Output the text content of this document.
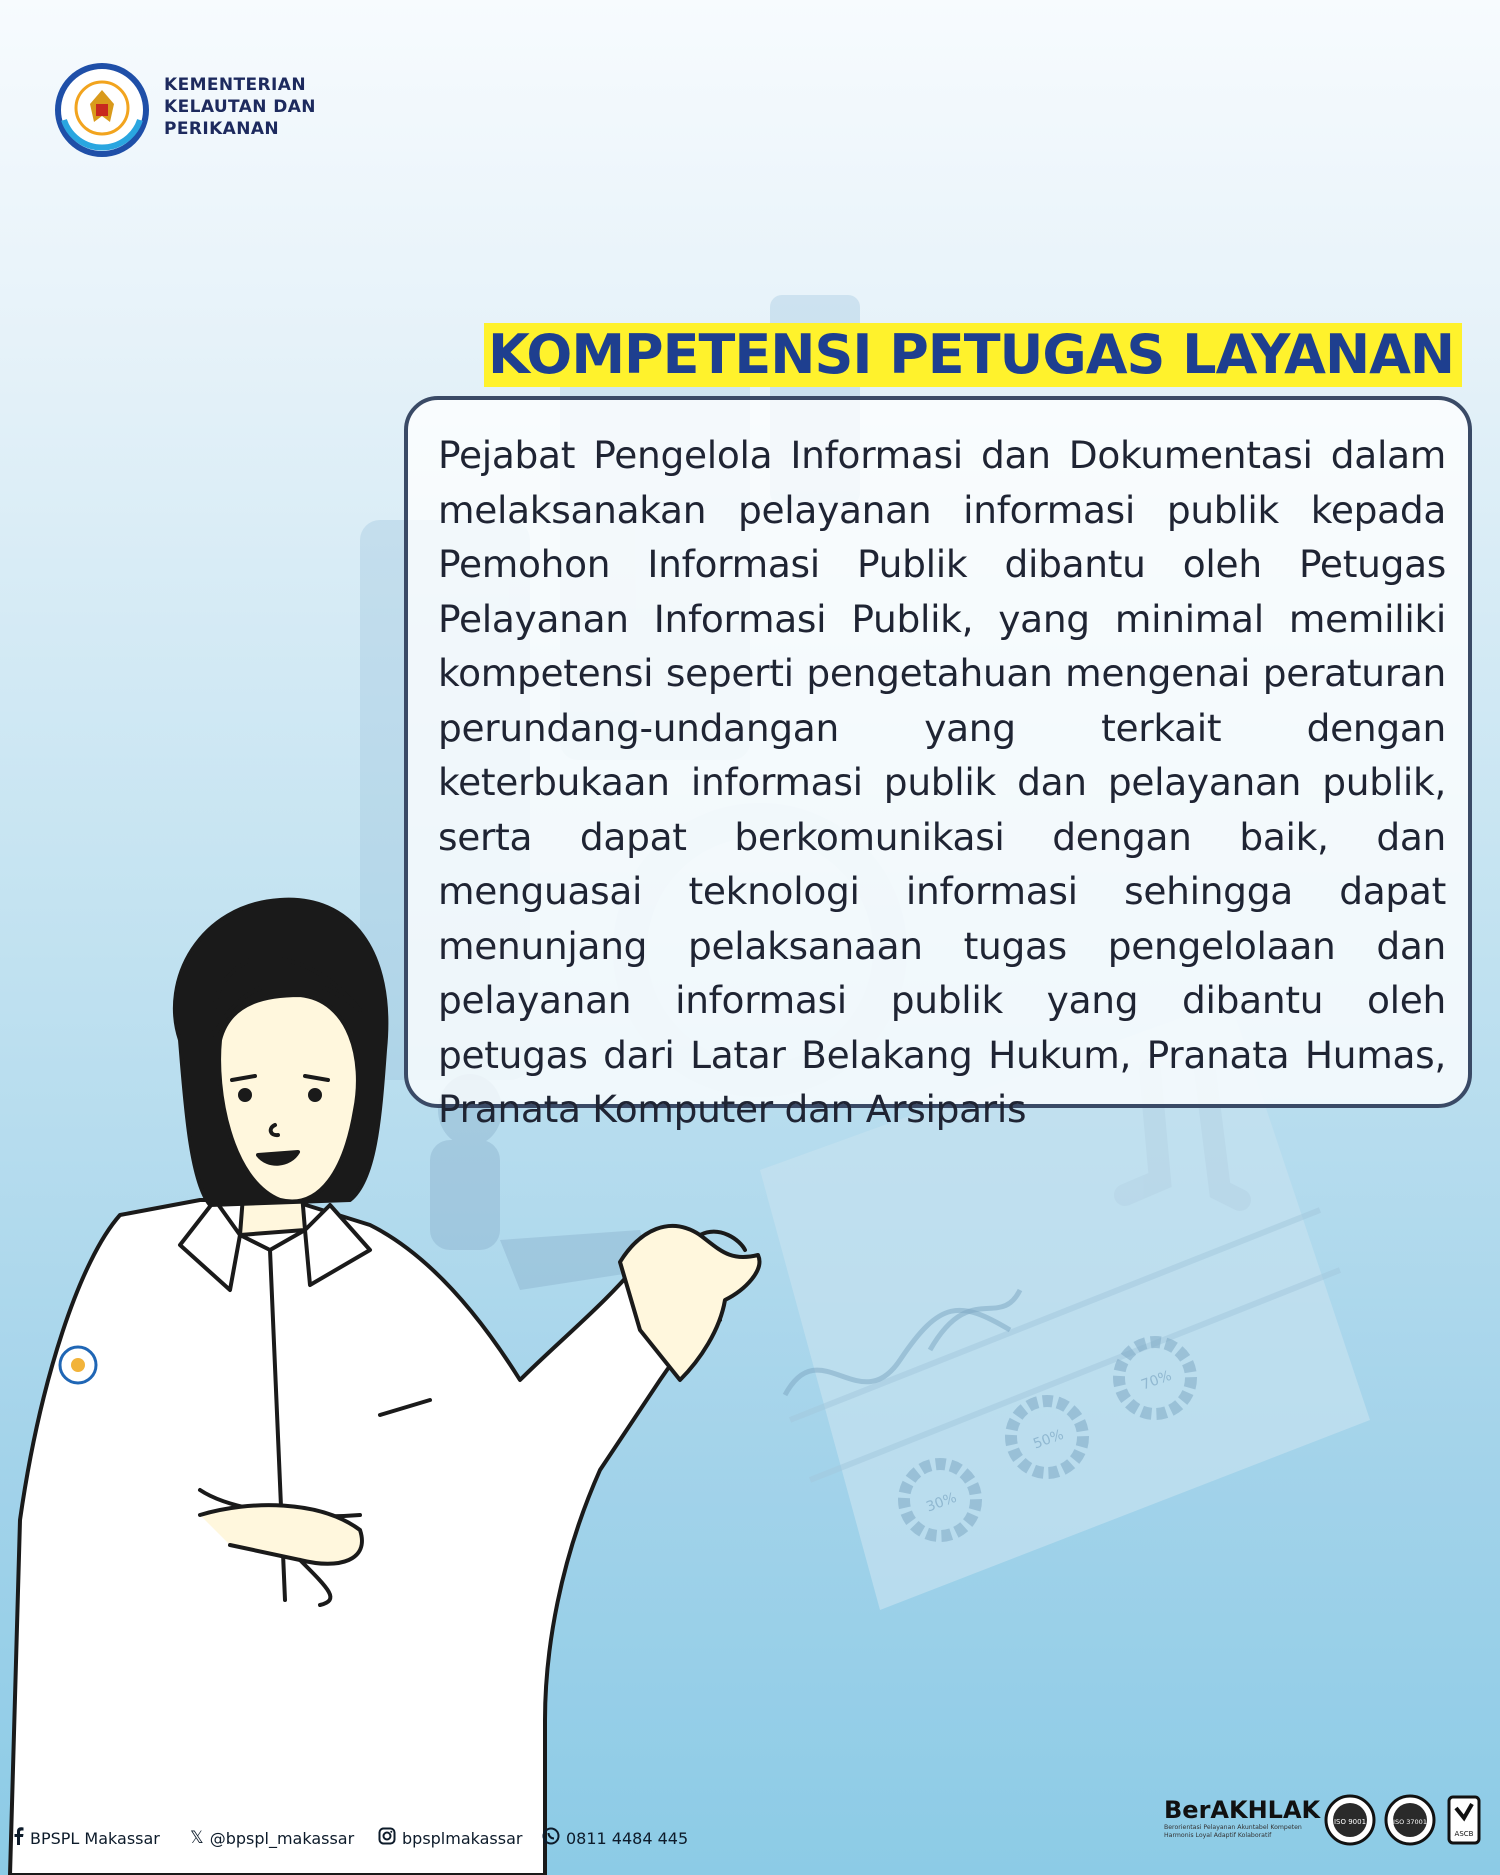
70%
50%
30%
KEMENTERIAN
KELAUTAN DAN
PERIKANAN
KOMPETENSI PETUGAS LAYANAN

Pejabat Pengelola Informasi dan Dokumentasi dalam melaksanakan pelayanan informasi publik kepada Pemohon Informasi Publik dibantu oleh Petugas Pelayanan Informasi Publik, yang minimal memiliki kompetensi seperti pengetahuan mengenai peraturan perundang-undangan yang terkait dengan keterbukaan informasi publik dan pelayanan publik, serta dapat berkomunikasi dengan baik, dan menguasai teknologi informasi sehingga dapat menunjang pelaksanaan tugas pengelolaan dan pelayanan informasi publik yang dibantu oleh petugas dari Latar Belakang Hukum, Pranata Humas, Pranata Komputer dan Arsiparis

BPSPL Makassar 𝕏 @bpspl_makassar	bpsplmakassar	0811 4484 445
BerAKHLAK
Berorientasi Pelayanan Akuntabel Kompeten
Harmonis Loyal Adaptif Kolaboratif
ISO 9001	ISO 37001
ASCB
